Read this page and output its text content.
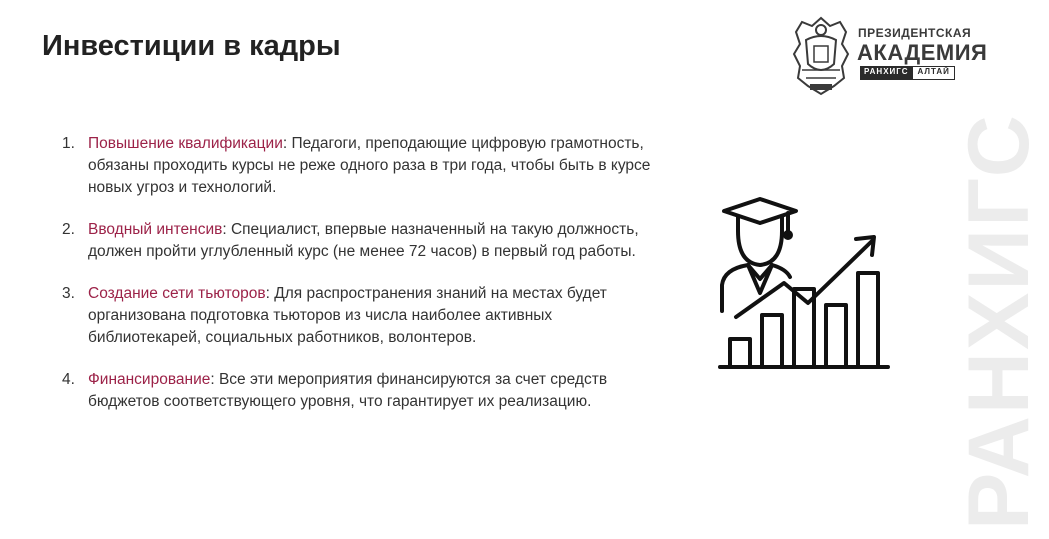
Инвестиции в кадры	ПРЕЗИДЕНТСКАЯ
АКАДЕМИЯ
РАНХИГС	АЛТАЙ
РАНХИГС
1. Повышение квалификации: Педагоги, преподающие цифровую грамотность, обязаны проходить курсы не реже одного раза в три года, чтобы быть в курсе новых угроз и технологий.
2. Вводный интенсив: Специалист, впервые назначенный на такую должность, должен пройти углубленный курс (не менее 72 часов) в первый год работы.
3. Создание сети тьюторов: Для распространения знаний на местах будет организована подготовка тьюторов из числа наиболее активных библиотекарей, социальных работников, волонтеров.
4. Финансирование: Все эти мероприятия финансируются за счет средств бюджетов соответствующего уровня, что гарантирует их реализацию.
